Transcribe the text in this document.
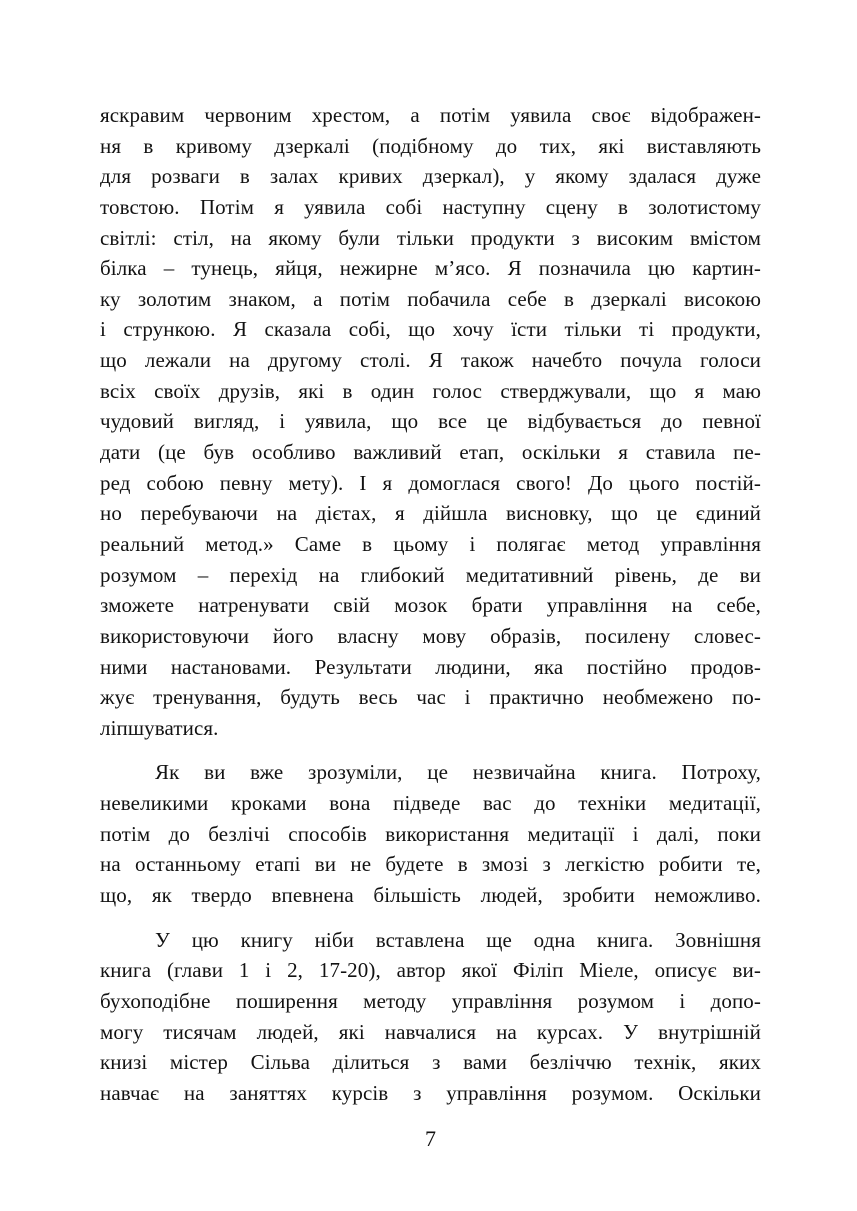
яскравим червоним хрестом, а потім уявила своє відображен-
ня в кривому дзеркалі (подібному до тих, які виставляють
для розваги в залах кривих дзеркал), у якому здалася дуже
товстою. Потім я уявила собі наступну сцену в золотистому
світлі: стіл, на якому були тільки продукти з високим вмістом
білка – тунець, яйця, нежирне м’ясо. Я позначила цю картин-
ку золотим знаком, а потім побачила себе в дзеркалі високою
і стрункою. Я сказала собі, що хочу їсти тільки ті продукти,
що лежали на другому столі. Я також начебто почула голоси
всіх своїх друзів, які в один голос стверджували, що я маю
чудовий вигляд, і уявила, що все це відбувається до певної
дати (це був особливо важливий етап, оскільки я ставила пе-
ред собою певну мету). І я домоглася свого! До цього постій-
но перебуваючи на дієтах, я дійшла висновку, що це єдиний
реальний метод.» Саме в цьому і полягає метод управління
розумом – перехід на глибокий медитативний рівень, де ви
зможете натренувати свій мозок брати управління на себе,
використовуючи його власну мову образів, посилену словес-
ними настановами. Результати людини, яка постійно продов-
жує тренування, будуть весь час і практично необмежено по-
ліпшуватися.
Як ви вже зрозуміли, це незвичайна книга. Потроху,
невеликими кроками вона підведе вас до техніки медитації,
потім до безлічі способів використання медитації і далі, поки
на останньому етапі ви не будете в змозі з легкістю робити те,
що, як твердо впевнена більшість людей, зробити неможливо.
У цю книгу ніби вставлена ще одна книга. Зовнішня
книга (глави 1 і 2, 17-20), автор якої Філіп Міеле, описує ви-
бухоподібне поширення методу управління розумом і допо-
могу тисячам людей, які навчалися на курсах. У внутрішній
книзі містер Сільва ділиться з вами безліччю технік, яких
навчає на заняттях курсів з управління розумом. Оскільки
7
